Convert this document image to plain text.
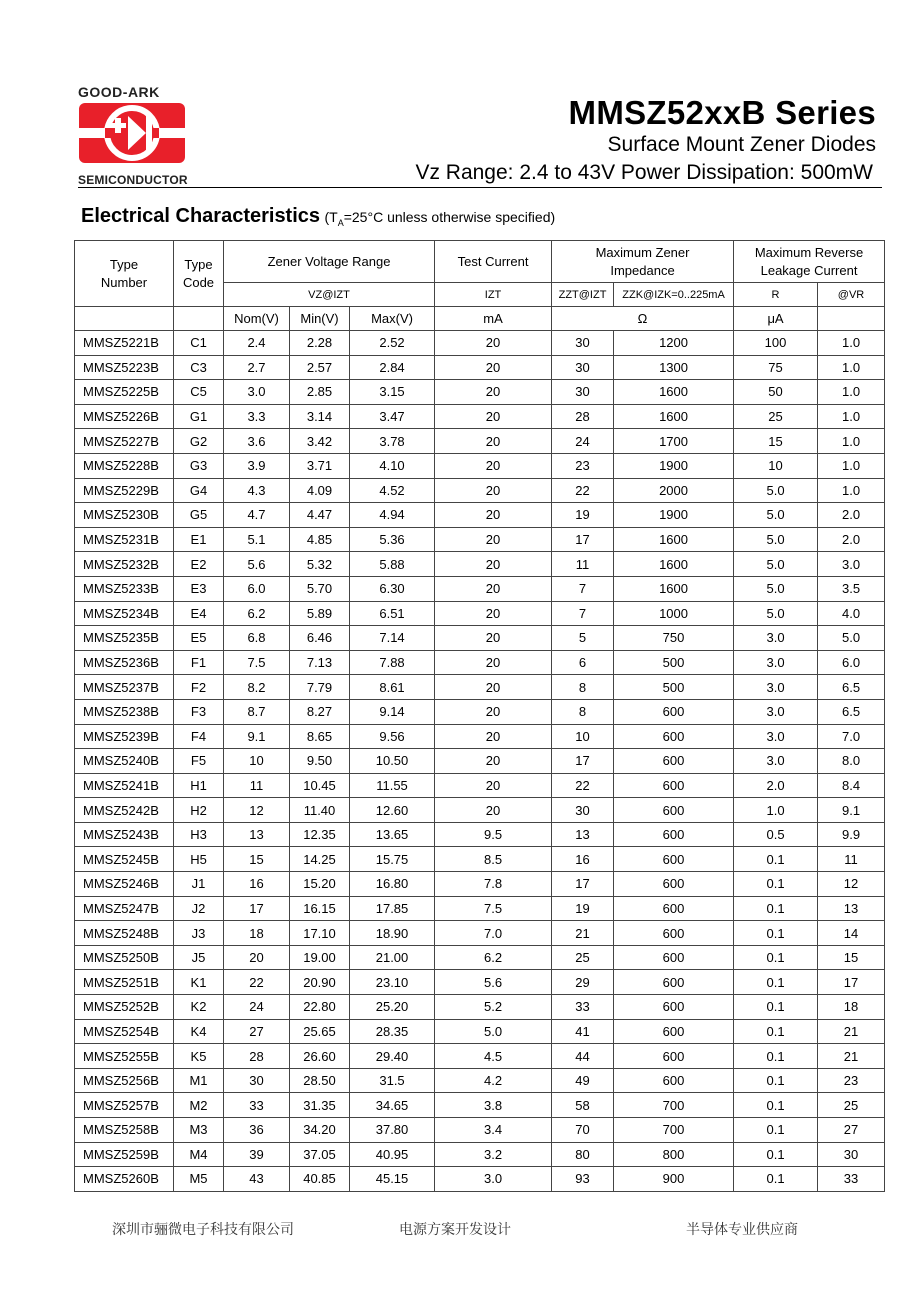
GOOD-ARK
SEMICONDUCTOR
MMSZ52xxB Series
Surface Mount Zener Diodes
Vz Range: 2.4 to 43V Power Dissipation: 500mW
Electrical Characteristics ($T_A=25^\circ C$ unless otherwise specified)
Type Number	Type Code	Zener Voltage Range			Test Current	Maximum Zener Impedance		Maximum Reverse Leakage Current	
		VZ@IZT			IZT	ZZT@IZT	ZZK@IZK=0..225mA	R	@VR
		Nom(V)	Min(V)	Max(V)	mA	Ω		μA	
MMSZ5221B	C1	2.4	2.28	2.52	20	30	1200	100	1.0
MMSZ5223B	C3	2.7	2.57	2.84	20	30	1300	75	1.0
MMSZ5225B	C5	3.0	2.85	3.15	20	30	1600	50	1.0
MMSZ5226B	G1	3.3	3.14	3.47	20	28	1600	25	1.0
MMSZ5227B	G2	3.6	3.42	3.78	20	24	1700	15	1.0
MMSZ5228B	G3	3.9	3.71	4.10	20	23	1900	10	1.0
MMSZ5229B	G4	4.3	4.09	4.52	20	22	2000	5.0	1.0
MMSZ5230B	G5	4.7	4.47	4.94	20	19	1900	5.0	2.0
MMSZ5231B	E1	5.1	4.85	5.36	20	17	1600	5.0	2.0
MMSZ5232B	E2	5.6	5.32	5.88	20	11	1600	5.0	3.0
MMSZ5233B	E3	6.0	5.70	6.30	20	7	1600	5.0	3.5
MMSZ5234B	E4	6.2	5.89	6.51	20	7	1000	5.0	4.0
MMSZ5235B	E5	6.8	6.46	7.14	20	5	750	3.0	5.0
MMSZ5236B	F1	7.5	7.13	7.88	20	6	500	3.0	6.0
MMSZ5237B	F2	8.2	7.79	8.61	20	8	500	3.0	6.5
MMSZ5238B	F3	8.7	8.27	9.14	20	8	600	3.0	6.5
MMSZ5239B	F4	9.1	8.65	9.56	20	10	600	3.0	7.0
MMSZ5240B	F5	10	9.50	10.50	20	17	600	3.0	8.0
MMSZ5241B	H1	11	10.45	11.55	20	22	600	2.0	8.4
MMSZ5242B	H2	12	11.40	12.60	20	30	600	1.0	9.1
MMSZ5243B	H3	13	12.35	13.65	9.5	13	600	0.5	9.9
MMSZ5245B	H5	15	14.25	15.75	8.5	16	600	0.1	11
MMSZ5246B	J1	16	15.20	16.80	7.8	17	600	0.1	12
MMSZ5247B	J2	17	16.15	17.85	7.5	19	600	0.1	13
MMSZ5248B	J3	18	17.10	18.90	7.0	21	600	0.1	14
MMSZ5250B	J5	20	19.00	21.00	6.2	25	600	0.1	15
MMSZ5251B	K1	22	20.90	23.10	5.6	29	600	0.1	17
MMSZ5252B	K2	24	22.80	25.20	5.2	33	600	0.1	18
MMSZ5254B	K4	27	25.65	28.35	5.0	41	600	0.1	21
MMSZ5255B	K5	28	26.60	29.40	4.5	44	600	0.1	21
MMSZ5256B	M1	30	28.50	31.5	4.2	49	600	0.1	23
MMSZ5257B	M2	33	31.35	34.65	3.8	58	700	0.1	25
MMSZ5258B	M3	36	34.20	37.80	3.4	70	700	0.1	27
MMSZ5259B	M4	39	37.05	40.95	3.2	80	800	0.1	30
MMSZ5260B	M5	43	40.85	45.15	3.0	93	900	0.1	33
深圳市骊微电子科技有限公司	电源方案开发设计	半导体专业供应商
